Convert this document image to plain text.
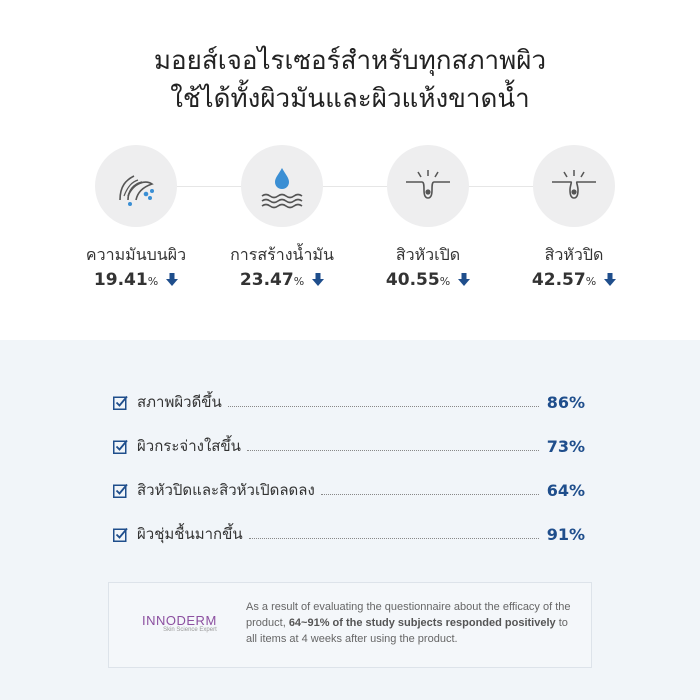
มอยส์เจอไรเซอร์สำหรับทุกสภาพผิว
ใช้ได้ทั้งผิวมันและผิวแห้งขาดน้ำ
ความมันบนผิว
19.41%
การสร้างน้ำมัน
23.47%
สิวหัวเปิด
40.55%
สิวหัวปิด
42.57%
สภาพผิวดีขึ้น	86%
ผิวกระจ่างใสขึ้น	73%
สิวหัวปิดและสิวหัวเปิดลดลง	64%
ผิวชุ่มชื้นมากขึ้น	91%
INNODERM
Skin Science Expert

As a result of evaluating the questionnaire about the efficacy of the product, 64~91% of the study subjects responded positively to all items at 4 weeks after using the product.
